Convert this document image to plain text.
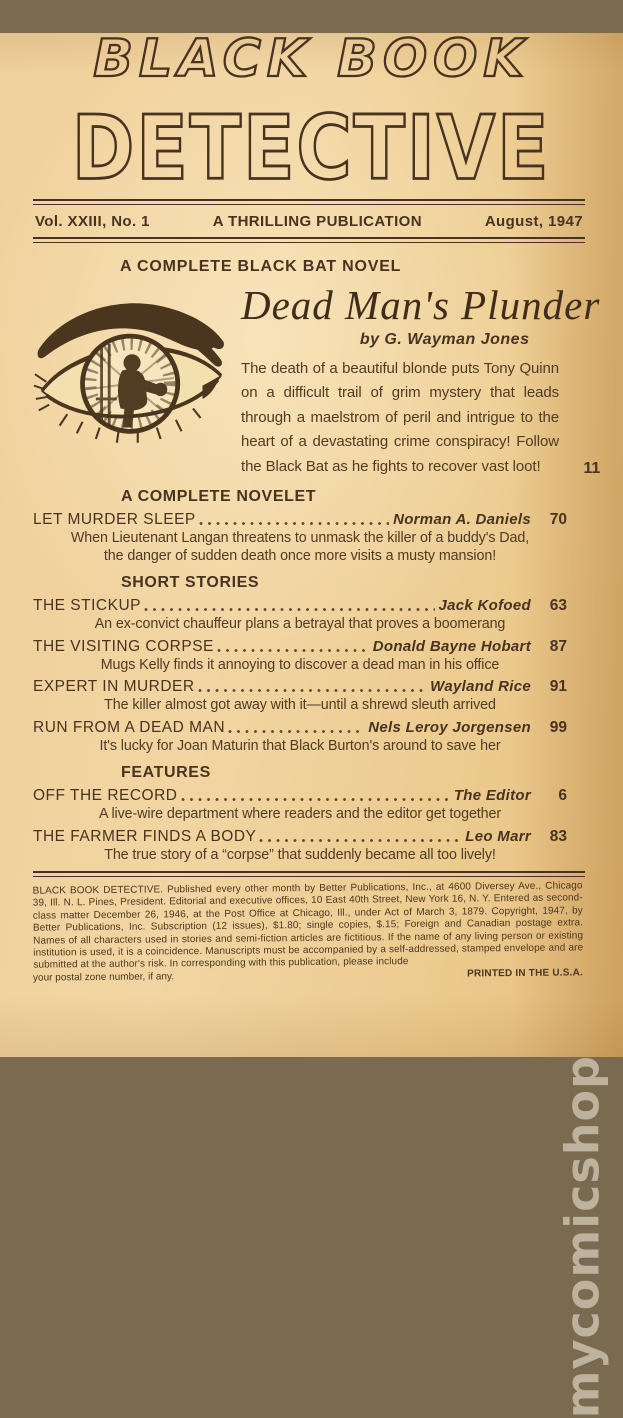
BLACK BOOK

DETECTIVE
Vol. XXIII, No. 1	A THRILLING PUBLICATION	August, 1947
A COMPLETE BLACK BAT NOVEL
Dead Man's Plunder
by G. Wayman Jones

The death of a beautiful blonde puts Tony Quinn on a difficult trail of grim mystery that leads through a maelstrom of peril and intrigue to the heart of a devastating crime conspiracy! Follow the Black Bat as he fights to recover vast loot!	11
A COMPLETE NOVELET
LET MURDER SLEEP	Norman A. Daniels	70
When Lieutenant Langan threatens to unmask the killer of a buddy's Dad, the danger of sudden death once more visits a musty mansion!
SHORT STORIES
THE STICKUP	Jack Kofoed	63
An ex-convict chauffeur plans a betrayal that proves a boomerang
THE VISITING CORPSE	Donald Bayne Hobart	87
Mugs Kelly finds it annoying to discover a dead man in his office
EXPERT IN MURDER	Wayland Rice	91
The killer almost got away with it—until a shrewd sleuth arrived
RUN FROM A DEAD MAN	Nels Leroy Jorgensen	99
It's lucky for Joan Maturin that Black Burton's around to save her
FEATURES
OFF THE RECORD	The Editor	6
A live-wire department where readers and the editor get together
THE FARMER FINDS A BODY	Leo Marr	83
The true story of a “corpse” that suddenly became all too lively!

BLACK BOOK DETECTIVE. Published every other month by Better Publications, Inc., at 4600 Diversey Ave., Chicago 39, Ill. N. L. Pines, President. Editorial and executive offices, 10 East 40th Street, New York 16, N. Y. Entered as second-class matter December 26, 1946, at the Post Office at Chicago, Ill., under Act of March 3, 1879. Copyright, 1947, by Better Publications, Inc. Subscription (12 issues), $1.80; single copies, $.15; Foreign and Canadian postage extra. Names of all characters used in stories and semi-fiction articles are fictitious. If the name of any living person or existing institution is used, it is a coincidence. Manuscripts must be accompanied by a self-addressed, stamped envelope and are submitted at the author's risk. In corresponding with this publication, please include

your postal zone number, if any.	PRINTED IN THE U.S.A.
mycomicshop
